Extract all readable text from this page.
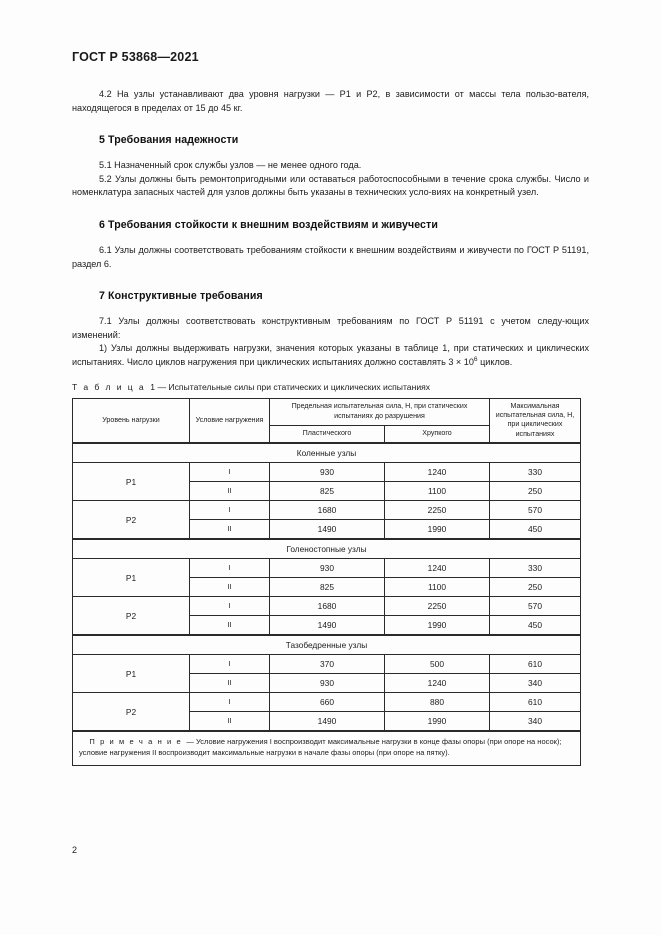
ГОСТ Р 53868—2021

4.2 На узлы устанавливают два уровня нагрузки — Р1 и Р2, в зависимости от массы тела пользо-вателя, находящегося в пределах от 15 до 45 кг.

5 Требования надежности

5.1 Назначенный срок службы узлов — не менее одного года.

5.2 Узлы должны быть ремонтопригодными или оставаться работоспособными в течение срока службы. Число и номенклатура запасных частей для узлов должны быть указаны в технических усло-виях на конкретный узел.

6 Требования стойкости к внешним воздействиям и живучести

6.1 Узлы должны соответствовать требованиям стойкости к внешним воздействиям и живучести по ГОСТ Р 51191, раздел 6.

7 Конструктивные требования

7.1 Узлы должны соответствовать конструктивным требованиям по ГОСТ Р 51191 с учетом следу-ющих изменений:

1) Узлы должны выдерживать нагрузки, значения которых указаны в таблице 1, при статических и циклических испытаниях. Число циклов нагружения при циклических испытаниях должно составлять $3 \times 10^6$ циклов.

Т а б л и ц а 1 — Испытательные силы при статических и циклических испытаниях

Уровень нагрузки	Условие нагружения	Предельная испытательная сила, Н, при статических испытаниях до разрушения		Максимальная испытательная сила, Н, при циклических испытаниях
		Пластического	Хрупкого	
Коленные узлы				
Р1	I	930	1240	330
	II	825	1100	250
Р2	I	1680	2250	570
	II	1490	1990	450
Голеностопные узлы				
Р1	I	930	1240	330
	II	825	1100	250
Р2	I	1680	2250	570
	II	1490	1990	450
Тазобедренные узлы				
Р1	I	370	500	610
	II	930	1240	340
Р2	I	660	880	610
	II	1490	1990	340
П р и м е ч а н и е — Условие нагружения I воспроизводит максимальные нагрузки в конце фазы опоры (при опоре на носок); условие нагружения II воспроизводит максимальные нагрузки в начале фазы опоры (при опоре на пятку).				
2
